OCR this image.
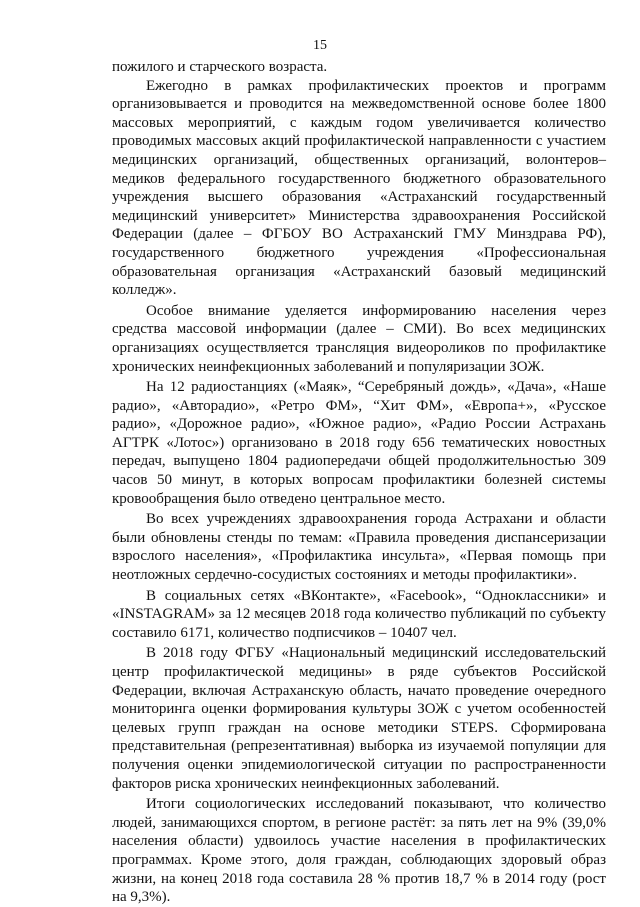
15

пожилого и старческого возраста.

Ежегодно в рамках профилактических проектов и программ организовывается и проводится на межведомственной основе более 1800 массовых мероприятий, с каждым годом увеличивается количество проводимых массовых акций профилактической направленности с участием медицинских организаций, общественных организаций, волонтеров–медиков федерального государственного бюджетного образовательного учреждения высшего образования «Астраханский государственный медицинский университет» Министерства здравоохранения Российской Федерации (далее – ФГБОУ ВО Астраханский ГМУ Минздрава РФ), государственного бюджетного учреждения «Профессиональная образовательная организация «Астраханский базовый медицинский колледж».

Особое внимание уделяется информированию населения через средства массовой информации (далее – СМИ). Во всех медицинских организациях осуществляется трансляция видеороликов по профилактике хронических неинфекционных заболеваний и популяризации ЗОЖ.

На 12 радиостанциях («Маяк», “Серебряный дождь», «Дача», «Наше радио», «Авторадио», «Ретро ФМ», “Хит ФМ», «Европа+», «Русское радио», «Дорожное радио», «Южное радио», «Радио России Астрахань АГТРК «Лотос») организовано в 2018 году 656 тематических новостных передач, выпущено 1804 радиопередачи общей продолжительностью 309 часов 50 минут, в которых вопросам профилактики болезней системы кровообращения было отведено центральное место.

Во всех учреждениях здравоохранения города Астрахани и области были обновлены стенды по темам: «Правила проведения диспансеризации взрослого населения», «Профилактика инсульта», «Первая помощь при неотложных сердечно-сосудистых состояниях и методы профилактики».

В социальных сетях «ВКонтакте», «Facebook», “Одноклассники» и «INSTAGRAM» за 12 месяцев 2018 года количество публикаций по субъекту составило 6171, количество подписчиков – 10407 чел.

В 2018 году ФГБУ «Национальный медицинский исследовательский центр профилактической медицины» в ряде субъектов Российской Федерации, включая Астраханскую область, начато проведение очередного мониторинга оценки формирования культуры ЗОЖ с учетом особенностей целевых групп граждан на основе методики STEPS. Сформирована представительная (репрезентативная) выборка из изучаемой популяции для получения оценки эпидемиологической ситуации по распространенности факторов риска хронических неинфекционных заболеваний.

Итоги социологических исследований показывают, что количество людей, занимающихся спортом, в регионе растёт: за пять лет на 9% (39,0% населения области) удвоилось участие населения в профилактических программах. Кроме этого, доля граждан, соблюдающих здоровый образ жизни, на конец 2018 года составила 28 % против 18,7 % в 2014 году (рост на 9,3%).
